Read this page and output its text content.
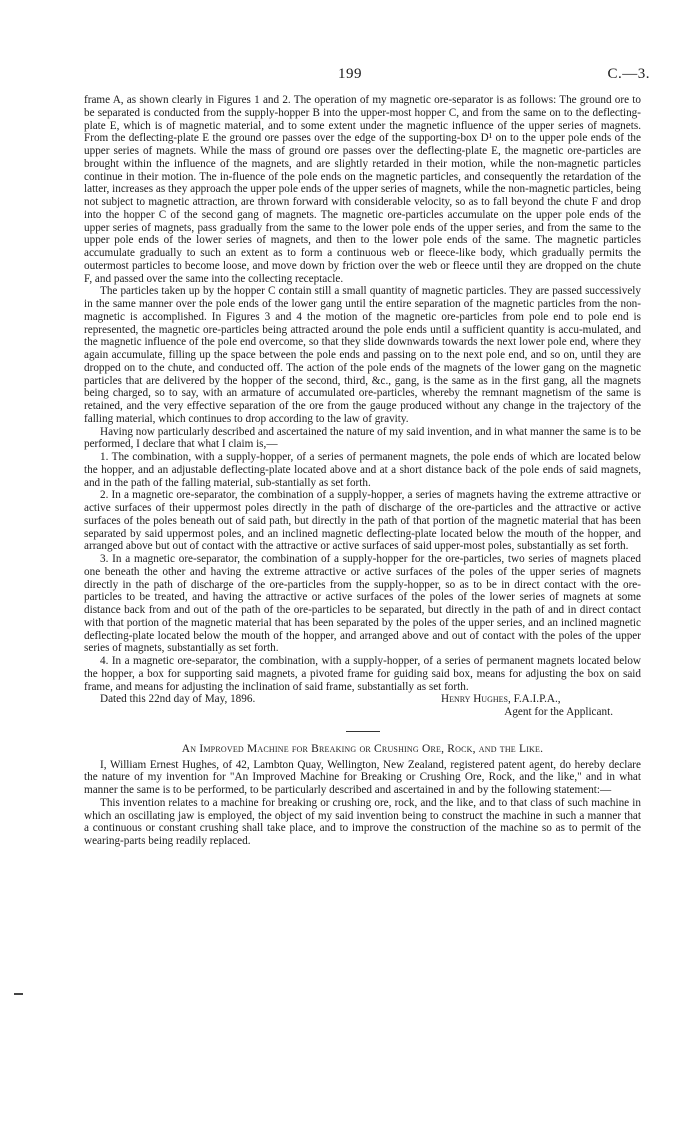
199	C.—3.

frame A, as shown clearly in Figures 1 and 2. The operation of my magnetic ore-separator is as follows: The ground ore to be separated is conducted from the supply-hopper B into the upper-most hopper C, and from the same on to the deflecting-plate E, which is of magnetic material, and to some extent under the magnetic influence of the upper series of magnets. From the deflecting-plate E the ground ore passes over the edge of the supporting-box D¹ on to the upper pole ends of the upper series of magnets. While the mass of ground ore passes over the deflecting-plate E, the magnetic ore-particles are brought within the influence of the magnets, and are slightly retarded in their motion, while the non-magnetic particles continue in their motion. The in-fluence of the pole ends on the magnetic particles, and consequently the retardation of the latter, increases as they approach the upper pole ends of the upper series of magnets, while the non-magnetic particles, being not subject to magnetic attraction, are thrown forward with considerable velocity, so as to fall beyond the chute F and drop into the hopper C of the second gang of magnets. The magnetic ore-particles accumulate on the upper pole ends of the upper series of magnets, pass gradually from the same to the lower pole ends of the upper series, and from the same to the upper pole ends of the lower series of magnets, and then to the lower pole ends of the same. The magnetic particles accumulate gradually to such an extent as to form a continuous web or fleece-like body, which gradually permits the outermost particles to become loose, and move down by friction over the web or fleece until they are dropped on the chute F, and passed over the same into the collecting receptacle.

The particles taken up by the hopper C contain still a small quantity of magnetic particles. They are passed successively in the same manner over the pole ends of the lower gang until the entire separation of the magnetic particles from the non-magnetic is accomplished. In Figures 3 and 4 the motion of the magnetic ore-particles from pole end to pole end is represented, the magnetic ore-particles being attracted around the pole ends until a sufficient quantity is accu-mulated, and the magnetic influence of the pole end overcome, so that they slide downwards towards the next lower pole end, where they again accumulate, filling up the space between the pole ends and passing on to the next pole end, and so on, until they are dropped on to the chute, and conducted off. The action of the pole ends of the magnets of the lower gang on the magnetic particles that are delivered by the hopper of the second, third, &c., gang, is the same as in the first gang, all the magnets being charged, so to say, with an armature of accumulated ore-particles, whereby the remnant magnetism of the same is retained, and the very effective separation of the ore from the gauge produced without any change in the trajectory of the falling material, which continues to drop according to the law of gravity.

Having now particularly described and ascertained the nature of my said invention, and in what manner the same is to be performed, I declare that what I claim is,—

1. The combination, with a supply-hopper, of a series of permanent magnets, the pole ends of which are located below the hopper, and an adjustable deflecting-plate located above and at a short distance back of the pole ends of said magnets, and in the path of the falling material, sub-stantially as set forth.

2. In a magnetic ore-separator, the combination of a supply-hopper, a series of magnets having the extreme attractive or active surfaces of their uppermost poles directly in the path of discharge of the ore-particles and the attractive or active surfaces of the poles beneath out of said path, but directly in the path of that portion of the magnetic material that has been separated by said uppermost poles, and an inclined magnetic deflecting-plate located below the mouth of the hopper, and arranged above but out of contact with the attractive or active surfaces of said upper-most poles, substantially as set forth.

3. In a magnetic ore-separator, the combination of a supply-hopper for the ore-particles, two series of magnets placed one beneath the other and having the extreme attractive or active surfaces of the poles of the upper series of magnets directly in the path of discharge of the ore-particles from the supply-hopper, so as to be in direct contact with the ore-particles to be treated, and having the attractive or active surfaces of the poles of the lower series of magnets at some distance back from and out of the path of the ore-particles to be separated, but directly in the path of and in direct contact with that portion of the magnetic material that has been separated by the poles of the upper series, and an inclined magnetic deflecting-plate located below the mouth of the hopper, and arranged above and out of contact with the poles of the upper series of magnets, substantially as set forth.

4. In a magnetic ore-separator, the combination, with a supply-hopper, of a series of permanent magnets located below the hopper, a box for supporting said magnets, a pivoted frame for guiding said box, means for adjusting the box on said frame, and means for adjusting the inclination of said frame, substantially as set forth.

Dated this 22nd day of May, 1896.	Henry Hughes, F.A.I.P.A.,
Agent for the Applicant.
An Improved Machine for Breaking or Crushing Ore, Rock, and the Like.

I, William Ernest Hughes, of 42, Lambton Quay, Wellington, New Zealand, registered patent agent, do hereby declare the nature of my invention for "An Improved Machine for Breaking or Crushing Ore, Rock, and the like," and in what manner the same is to be performed, to be particularly described and ascertained in and by the following statement:—

This invention relates to a machine for breaking or crushing ore, rock, and the like, and to that class of such machine in which an oscillating jaw is employed, the object of my said invention being to construct the machine in such a manner that a continuous or constant crushing shall take place, and to improve the construction of the machine so as to permit of the wearing-parts being readily replaced.
